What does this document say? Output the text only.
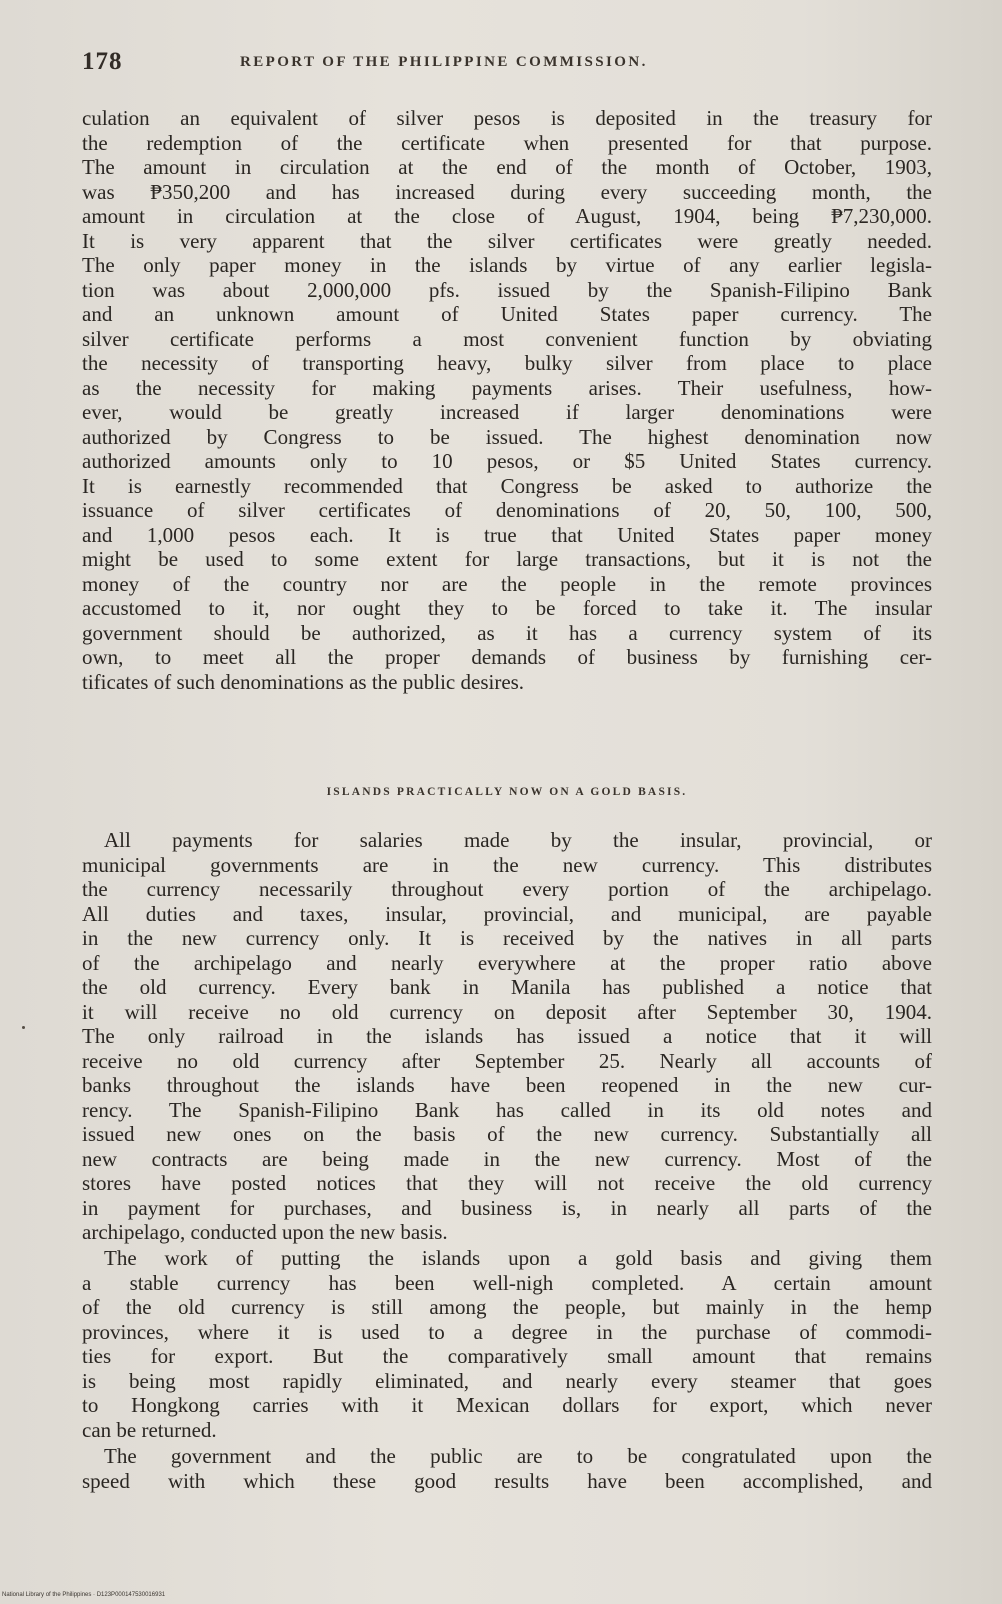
178	REPORT OF THE PHILIPPINE COMMISSION.
culation an equivalent of silver pesos is deposited in the treasury for
the redemption of the certificate when presented for that purpose.
The amount in circulation at the end of the month of October, 1903,
was ₱350,200 and has increased during every succeeding month, the
amount in circulation at the close of August, 1904, being ₱7,230,000.
It is very apparent that the silver certificates were greatly needed.
The only paper money in the islands by virtue of any earlier legisla-
tion was about 2,000,000 pfs. issued by the Spanish-Filipino Bank
and an unknown amount of United States paper currency. The
silver certificate performs a most convenient function by obviating
the necessity of transporting heavy, bulky silver from place to place
as the necessity for making payments arises. Their usefulness, how-
ever, would be greatly increased if larger denominations were
authorized by Congress to be issued. The highest denomination now
authorized amounts only to 10 pesos, or $5 United States currency.
It is earnestly recommended that Congress be asked to authorize the
issuance of silver certificates of denominations of 20, 50, 100, 500,
and 1,000 pesos each. It is true that United States paper money
might be used to some extent for large transactions, but it is not the
money of the country nor are the people in the remote provinces
accustomed to it, nor ought they to be forced to take it. The insular
government should be authorized, as it has a currency system of its
own, to meet all the proper demands of business by furnishing cer-
tificates of such denominations as the public desires.
ISLANDS PRACTICALLY NOW ON A GOLD BASIS.
All payments for salaries made by the insular, provincial, or
municipal governments are in the new currency. This distributes
the currency necessarily throughout every portion of the archipelago.
All duties and taxes, insular, provincial, and municipal, are payable
in the new currency only. It is received by the natives in all parts
of the archipelago and nearly everywhere at the proper ratio above
the old currency. Every bank in Manila has published a notice that
it will receive no old currency on deposit after September 30, 1904.
The only railroad in the islands has issued a notice that it will
receive no old currency after September 25. Nearly all accounts of
banks throughout the islands have been reopened in the new cur-
rency. The Spanish-Filipino Bank has called in its old notes and
issued new ones on the basis of the new currency. Substantially all
new contracts are being made in the new currency. Most of the
stores have posted notices that they will not receive the old currency
in payment for purchases, and business is, in nearly all parts of the
archipelago, conducted upon the new basis.
The work of putting the islands upon a gold basis and giving them
a stable currency has been well-nigh completed. A certain amount
of the old currency is still among the people, but mainly in the hemp
provinces, where it is used to a degree in the purchase of commodi-
ties for export. But the comparatively small amount that remains
is being most rapidly eliminated, and nearly every steamer that goes
to Hongkong carries with it Mexican dollars for export, which never
can be returned.
The government and the public are to be congratulated upon the
speed with which these good results have been accomplished, and
National Library of the Philippines · D123P000147530016931
